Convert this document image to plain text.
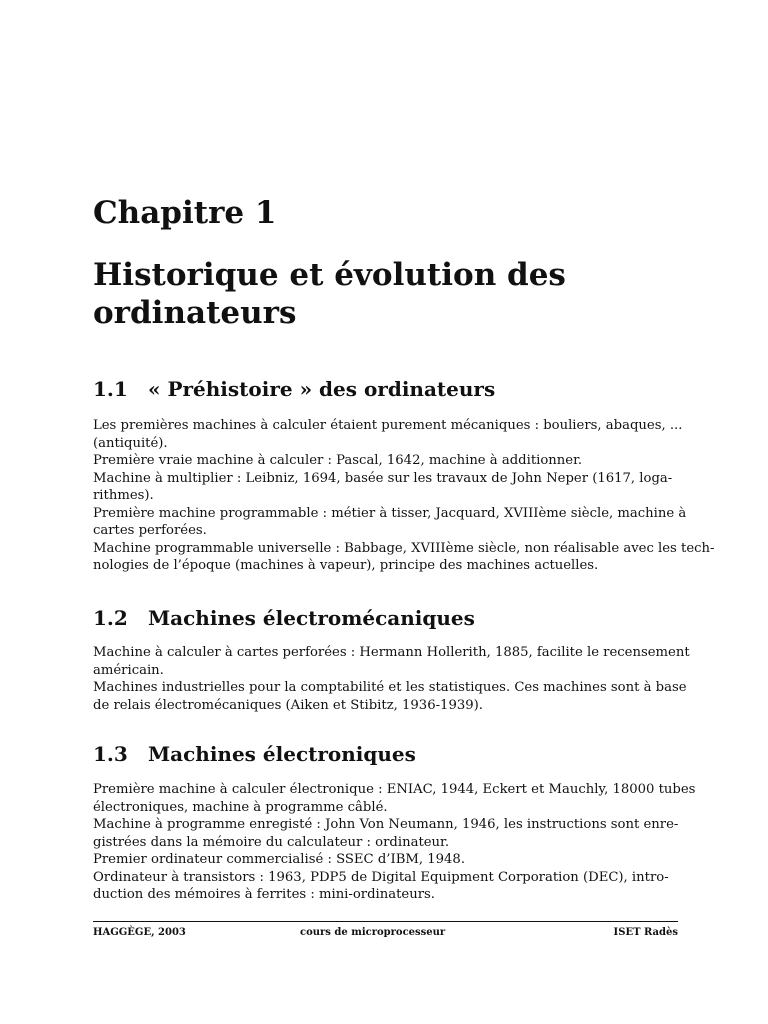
Chapitre 1
Historique et évolution des
ordinateurs
1.1 « Préhistoire » des ordinateurs
Les premières machines à calculer étaient purement mécaniques : bouliers, abaques, ...
(antiquité).
Première vraie machine à calculer : Pascal, 1642, machine à additionner.
Machine à multiplier : Leibniz, 1694, basée sur les travaux de John Neper (1617, loga-
rithmes).
Première machine programmable : métier à tisser, Jacquard, XVIIIème siècle, machine à
cartes perforées.
Machine programmable universelle : Babbage, XVIIIème siècle, non réalisable avec les tech-
nologies de l’époque (machines à vapeur), principe des machines actuelles.
1.2 Machines électromécaniques
Machine à calculer à cartes perforées : Hermann Hollerith, 1885, facilite le recensement
américain.
Machines industrielles pour la comptabilité et les statistiques. Ces machines sont à base
de relais électromécaniques (Aiken et Stibitz, 1936-1939).
1.3 Machines électroniques
Première machine à calculer électronique : ENIAC, 1944, Eckert et Mauchly, 18000 tubes
électroniques, machine à programme câblé.
Machine à programme enregisté : John Von Neumann, 1946, les instructions sont enre-
gistrées dans la mémoire du calculateur : ordinateur.
Premier ordinateur commercialisé : SSEC d’IBM, 1948.
Ordinateur à transistors : 1963, PDP5 de Digital Equipment Corporation (DEC), intro-
duction des mémoires à ferrites : mini-ordinateurs.
HAGGÈGE, 2003	cours de microprocesseur	ISET Radès
